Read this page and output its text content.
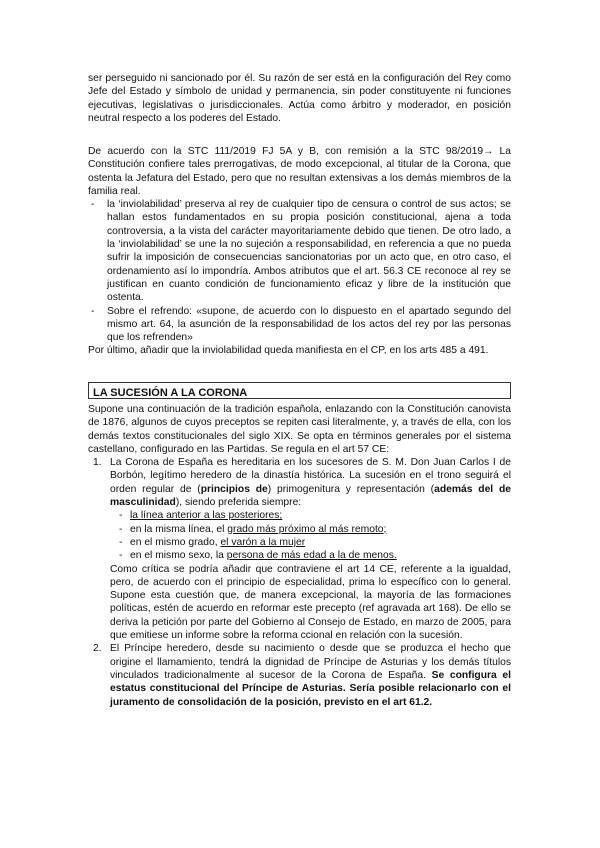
ser perseguido ni sancionado por él. Su razón de ser está en la configuración del Rey como Jefe del Estado y símbolo de unidad y permanencia, sin poder constituyente ni funciones ejecutivas, legislativas o jurisdiccionales. Actúa como árbitro y moderador, en posición neutral respecto a los poderes del Estado.

De acuerdo con la STC 111/2019 FJ 5A y B, con remisión a la STC 98/2019→ La Constitución confiere tales prerrogativas, de modo excepcional, al titular de la Corona, que ostenta la Jefatura del Estado, pero que no resultan extensivas a los demás miembros de la familia real.

- la ‘inviolabilidad’ preserva al rey de cualquier tipo de censura o control de sus actos; se hallan estos fundamentados en su propia posición constitucional, ajena a toda controversia, a la vista del carácter mayoritariamente debido que tienen. De otro lado, a la ‘inviolabilidad’ se une la no sujeción a responsabilidad, en referencia a que no pueda sufrir la imposición de consecuencias sancionatorias por un acto que, en otro caso, el ordenamiento así lo impondría. Ambos atributos que el art. 56.3 CE reconoce al rey se justifican en cuanto condición de funcionamiento eficaz y libre de la institución que ostenta.
- Sobre el refrendo: «supone, de acuerdo con lo dispuesto en el apartado segundo del mismo art. 64, la asunción de la responsabilidad de los actos del rey por las personas que los refrenden»

Por último, añadir que la inviolabilidad queda manifiesta en el CP, en los arts 485 a 491.

LA SUCESIÓN A LA CORONA

Supone una continuación de la tradición española, enlazando con la Constitución canovista de 1876, algunos de cuyos preceptos se repiten casi literalmente, y, a través de ella, con los demás textos constitucionales del siglo XIX. Se opta en términos generales por el sistema castellano, configurado en las Partidas. Se regula en el art 57 CE:

1. La Corona de España es hereditaria en los sucesores de S. M. Don Juan Carlos I de Borbón, legítimo heredero de la dinastía histórica. La sucesión en el trono seguirá el orden regular de (principios de) primogenitura y representación (además del de masculinidad), siendo preferida siempre:
- la línea anterior a las posteriores;
- en la misma línea, el grado más próximo al más remoto;
- en el mismo grado, el varón a la mujer
- en el mismo sexo, la persona de más edad a la de menos.

Como crítica se podría añadir que contraviene el art 14 CE, referente a la igualdad, pero, de acuerdo con el principio de especialidad, prima lo específico con lo general. Supone esta cuestión que, de manera excepcional, la mayoría de las formaciones políticas, estén de acuerdo en reformar este precepto (ref agravada art 168). De ello se deriva la petición por parte del Gobierno al Consejo de Estado, en marzo de 2005, para que emitiese un informe sobre la reforma ccional en relación con la sucesión.

2. El Príncipe heredero, desde su nacimiento o desde que se produzca el hecho que origine el llamamiento, tendrá la dignidad de Príncipe de Asturias y los demás títulos vinculados tradicionalmente al sucesor de la Corona de España. Se configura el estatus constitucional del Príncipe de Asturias. Sería posible relacionarlo con el juramento de consolidación de la posición, previsto en el art 61.2.
